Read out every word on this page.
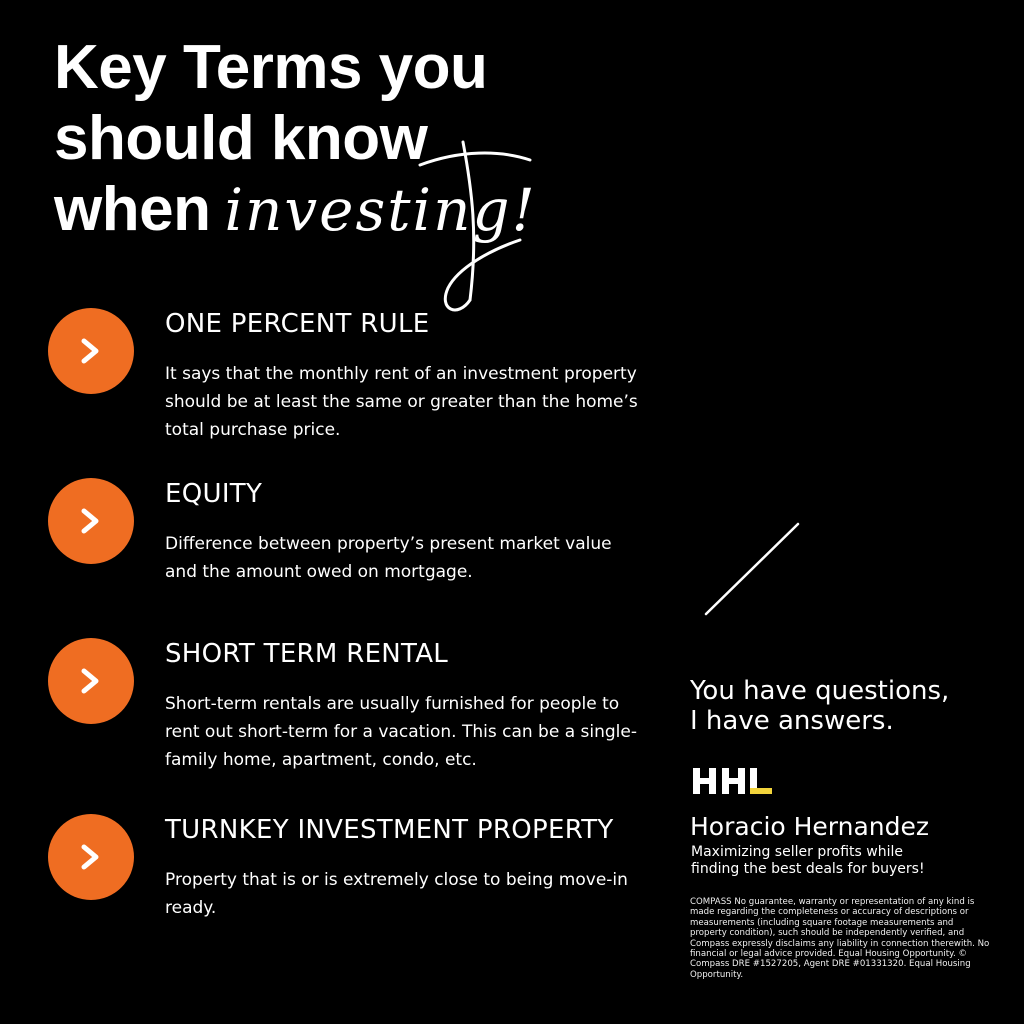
Key Terms you
should know
when investing!
ONE PERCENT RULE

It says that the monthly rent of an investment property should be at least the same or greater than the home’s total purchase price.

EQUITY

Difference between property’s present market value and the amount owed on mortgage.

SHORT TERM RENTAL

Short-term rentals are usually furnished for people to rent out short-term for a vacation. This can be a single-family home, apartment, condo, etc.

TURNKEY INVESTMENT PROPERTY

Property that is or is extremely close to being move-in ready.

You have questions,
I have answers.
Horacio Hernandez
Maximizing seller profits while
finding the best deals for buyers!
COMPASS No guarantee, warranty or representation of any kind is made regarding the completeness or accuracy of descriptions or measurements (including square footage measurements and property condition), such should be independently verified, and Compass expressly disclaims any liability in connection therewith. No financial or legal advice provided. Equal Housing Opportunity. © Compass DRE #1527205, Agent DRE #01331320. Equal Housing Opportunity.
